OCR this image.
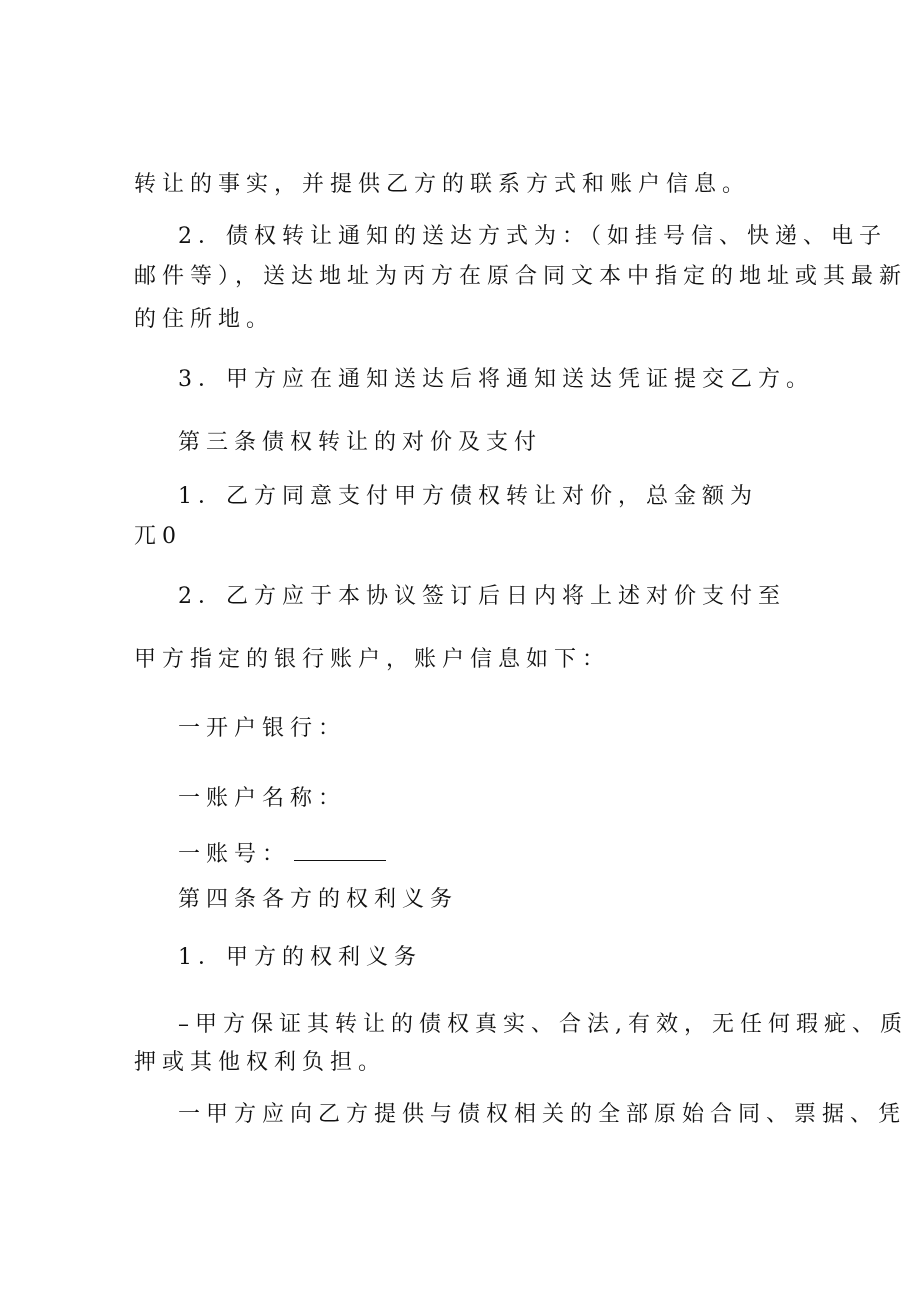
转让的事实，并提供乙方的联系方式和账户信息。
2．债权转让通知的送达方式为：（如挂号信、快递、电子
邮件等），送达地址为丙方在原合同文本中指定的地址或其最新
的住所地。
3．甲方应在通知送达后将通知送达凭证提交乙方。
第三条债权转让的对价及支付
1．乙方同意支付甲方债权转让对价，总金额为
兀0
2．乙方应于本协议签订后日内将上述对价支付至
甲方指定的银行账户，账户信息如下：
一开户银行：
一账户名称：
一账号：
第四条各方的权利义务
1．甲方的权利义务
–甲方保证其转让的债权真实、合法,有效，无任何瑕疵、质
押或其他权利负担。
一甲方应向乙方提供与债权相关的全部原始合同、票据、凭
